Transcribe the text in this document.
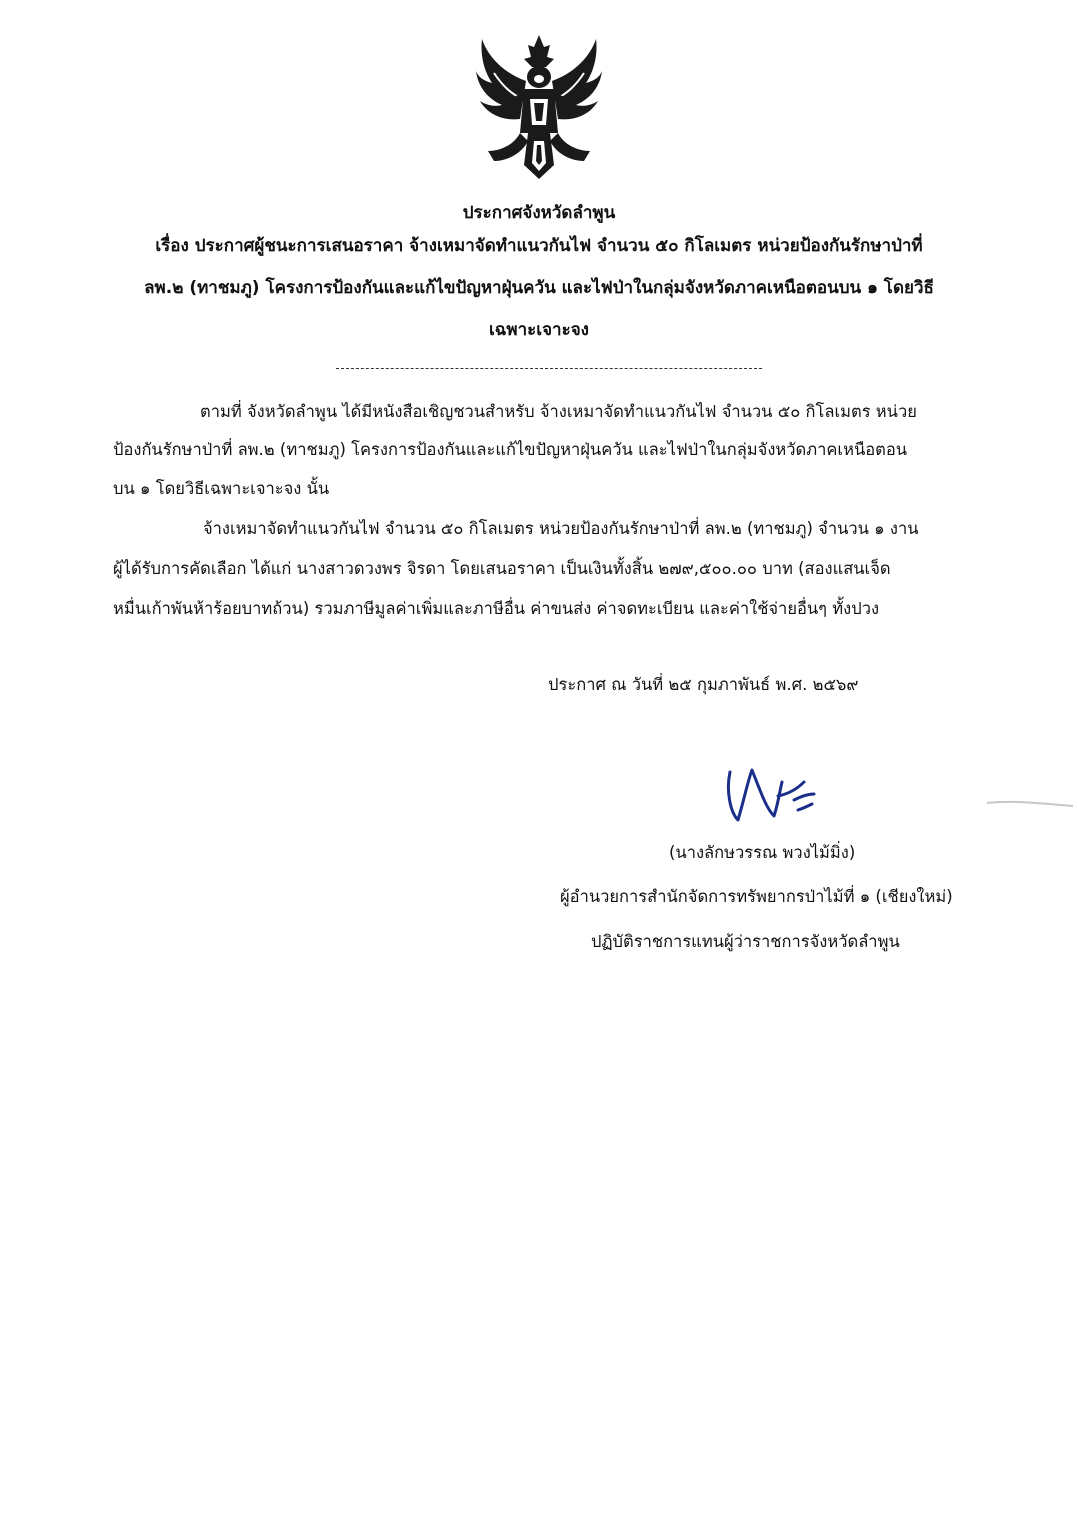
ประกาศจังหวัดลำพูน
เรื่อง ประกาศผู้ชนะการเสนอราคา จ้างเหมาจัดทำแนวกันไฟ จำนวน ๕๐ กิโลเมตร หน่วยป้องกันรักษาป่าที่
ลพ.๒ (ทาชมภู) โครงการป้องกันและแก้ไขปัญหาฝุ่นควัน และไฟป่าในกลุ่มจังหวัดภาคเหนือตอนบน ๑ โดยวิธี
เฉพาะเจาะจง
ตามที่ จังหวัดลำพูน ได้มีหนังสือเชิญชวนสำหรับ จ้างเหมาจัดทำแนวกันไฟ จำนวน ๕๐ กิโลเมตร หน่วย
ป้องกันรักษาป่าที่ ลพ.๒ (ทาชมภู) โครงการป้องกันและแก้ไขปัญหาฝุ่นควัน และไฟป่าในกลุ่มจังหวัดภาคเหนือตอน
บน ๑ โดยวิธีเฉพาะเจาะจง นั้น
จ้างเหมาจัดทำแนวกันไฟ จำนวน ๕๐ กิโลเมตร หน่วยป้องกันรักษาป่าที่ ลพ.๒ (ทาชมภู) จำนวน ๑ งาน
ผู้ได้รับการคัดเลือก ได้แก่ นางสาวดวงพร จิรดา โดยเสนอราคา เป็นเงินทั้งสิ้น ๒๗๙,๕๐๐.๐๐ บาท (สองแสนเจ็ด
หมื่นเก้าพันห้าร้อยบาทถ้วน) รวมภาษีมูลค่าเพิ่มและภาษีอื่น ค่าขนส่ง ค่าจดทะเบียน และค่าใช้จ่ายอื่นๆ ทั้งปวง
ประกาศ ณ วันที่ ๒๕ กุมภาพันธ์ พ.ศ. ๒๕๖๙
(นางลักษวรรณ พวงไม้มิ่ง)
ผู้อำนวยการสำนักจัดการทรัพยากรป่าไม้ที่ ๑ (เชียงใหม่)
ปฏิบัติราชการแทนผู้ว่าราชการจังหวัดลำพูน
